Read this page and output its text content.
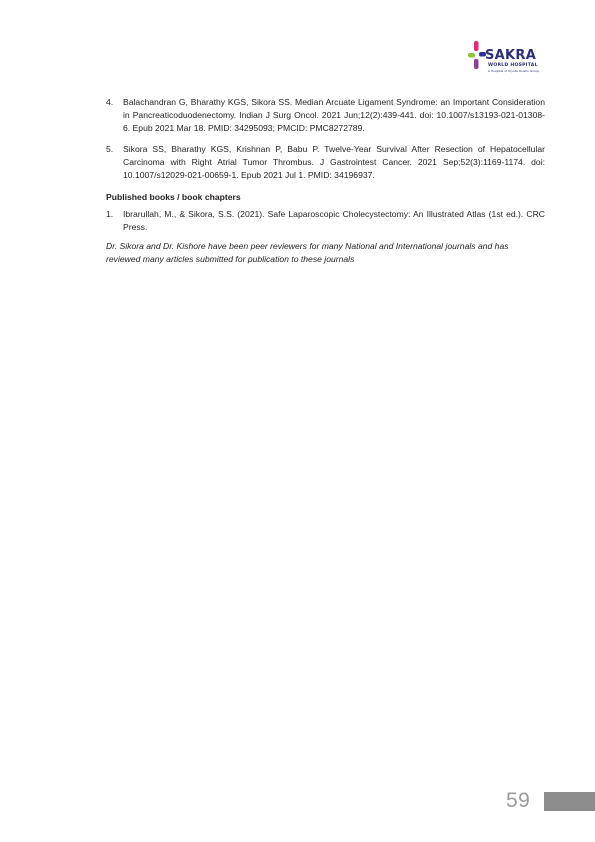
SAKRA
WORLD HOSPITAL
A Hospital of Toyota Tsusho Group
4. Balachandran G, Bharathy KGS, Sikora SS. Median Arcuate Ligament Syndrome: an Important Consideration in Pancreaticoduodenectomy. Indian J Surg Oncol. 2021 Jun;12(2):439-441. doi: 10.1007/s13193-021-01308-6. Epub 2021 Mar 18. PMID: 34295093; PMCID: PMC8272789.
5. Sikora SS, Bharathy KGS, Krishnan P, Babu P. Twelve-Year Survival After Resection of Hepatocellular Carcinoma with Right Atrial Tumor Thrombus. J Gastrointest Cancer. 2021 Sep;52(3):1169-1174. doi: 10.1007/s12029-021-00659-1. Epub 2021 Jul 1. PMID: 34196937.
Published books / book chapters
1. Ibrarullah, M., & Sikora, S.S. (2021). Safe Laparoscopic Cholecystectomy: An Illustrated Atlas (1st ed.). CRC Press.
Dr. Sikora and Dr. Kishore have been peer reviewers for many National and International journals and has reviewed many articles submitted for publication to these journals
59
